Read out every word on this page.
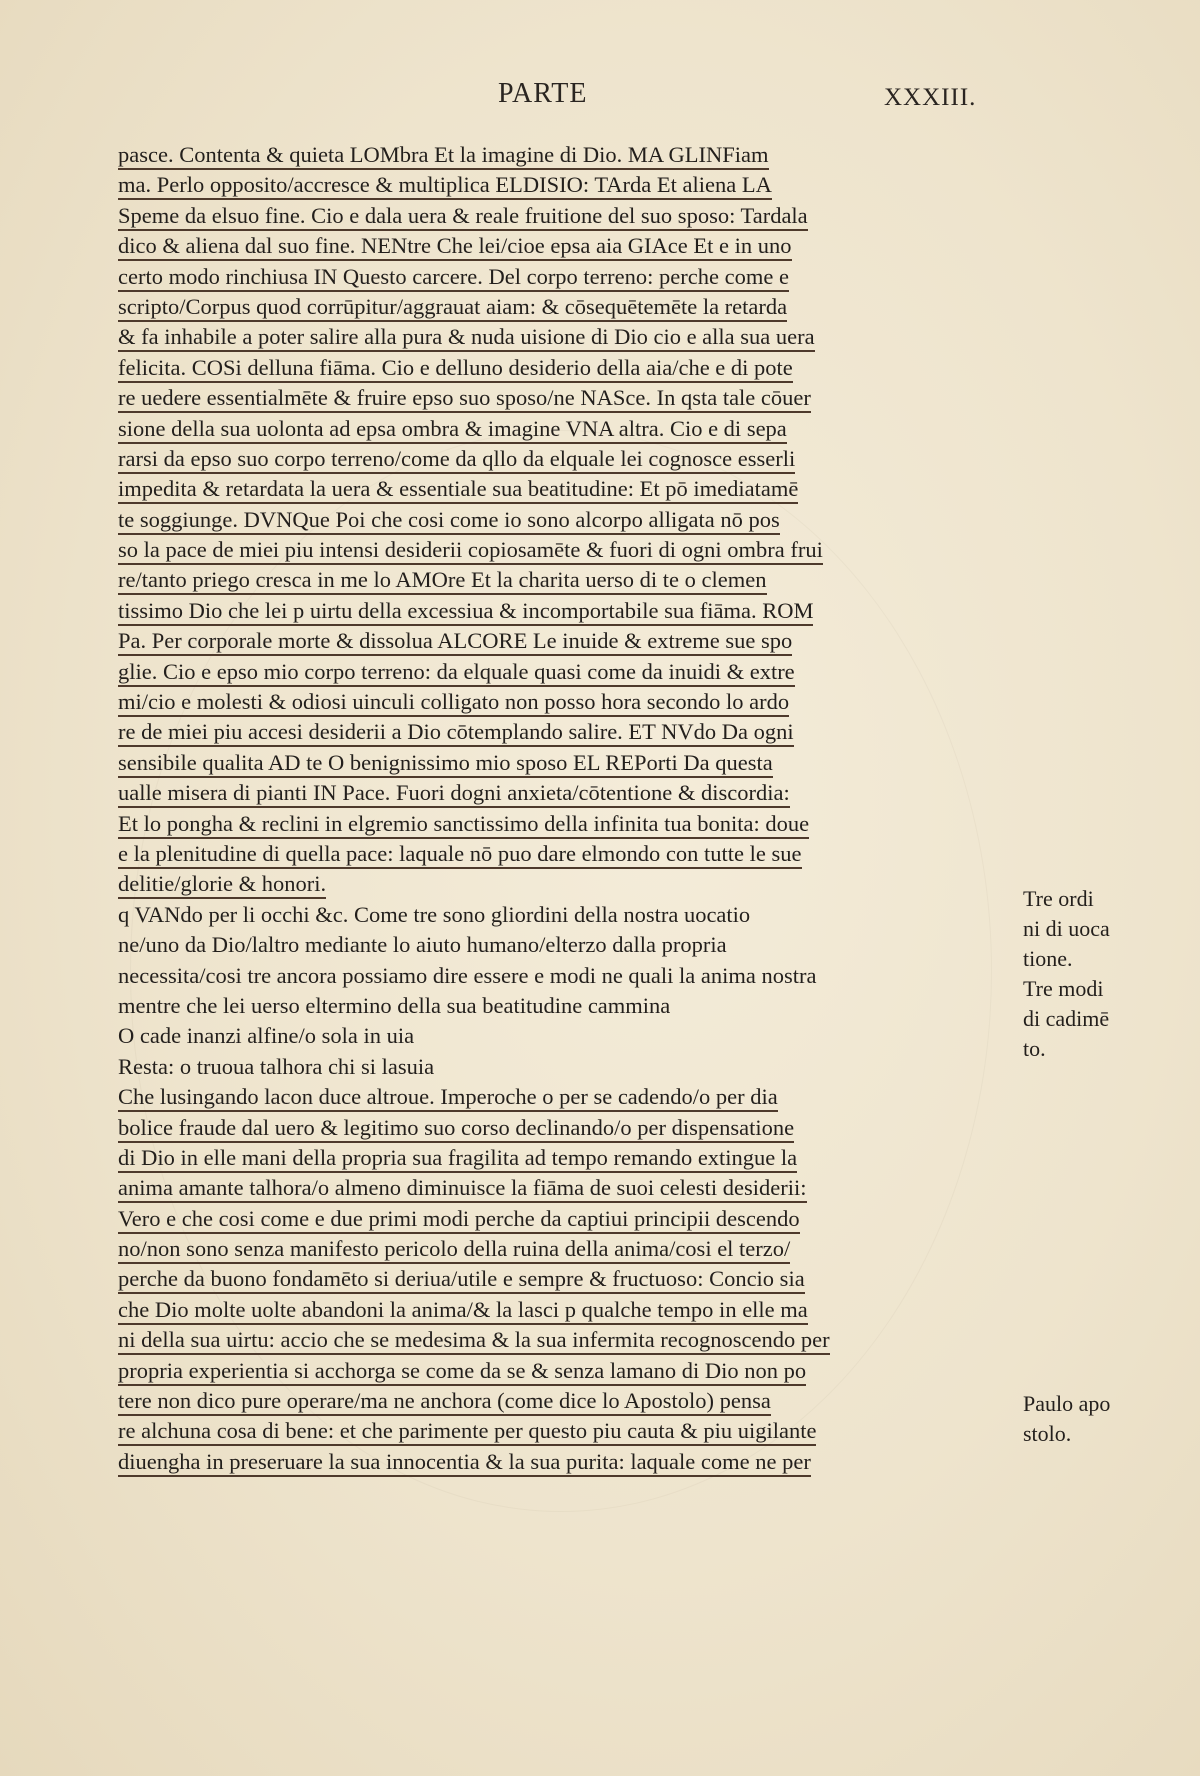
PARTE	XXXIII.
pasce. Contenta & quieta LOMbra Et la imagine di Dio. MA GLINFiam
ma. Perlo opposito/accresce & multiplica ELDISIO: TArda Et aliena LA
Speme da elsuo fine. Cio e dala uera & reale fruitione del suo sposo: Tardala
dico & aliena dal suo fine. NENtre Che lei/cioe epsa aia GIAce Et e in uno
certo modo rinchiusa IN Questo carcere. Del corpo terreno: perche come e
scripto/Corpus quod corrūpitur/aggrauat aiam: & cōsequētemēte la retarda
& fa inhabile a poter salire alla pura & nuda uisione di Dio cio e alla sua uera
felicita. COSi delluna fiāma. Cio e delluno desiderio della aia/che e di pote
re uedere essentialmēte & fruire epso suo sposo/ne NASce. In qsta tale cōuer
sione della sua uolonta ad epsa ombra & imagine VNA altra. Cio e di sepa
rarsi da epso suo corpo terreno/come da qllo da elquale lei cognosce esserli
impedita & retardata la uera & essentiale sua beatitudine: Et pō imediatamē
te soggiunge. DVNQue Poi che cosi come io sono alcorpo alligata nō pos
so la pace de miei piu intensi desiderii copiosamēte & fuori di ogni ombra frui
re/tanto priego cresca in me lo AMOre Et la charita uerso di te o clemen
tissimo Dio che lei p uirtu della excessiua & incomportabile sua fiāma. ROM
Pa. Per corporale morte & dissolua ALCORE Le inuide & extreme sue spo
glie. Cio e epso mio corpo terreno: da elquale quasi come da inuidi & extre
mi/cio e molesti & odiosi uinculi colligato non posso hora secondo lo ardo
re de miei piu accesi desiderii a Dio cōtemplando salire. ET NVdo Da ogni
sensibile qualita AD te O benignissimo mio sposo EL REPorti Da questa
ualle misera di pianti IN Pace. Fuori dogni anxieta/cōtentione & discordia:
Et lo pongha & reclini in elgremio sanctissimo della infinita tua bonita: doue
e la plenitudine di quella pace: laquale nō puo dare elmondo con tutte le sue
delitie/glorie & honori.
q VANdo per li occhi &c. Come tre sono gliordini della nostra uocatio
ne/uno da Dio/laltro mediante lo aiuto humano/elterzo dalla propria
necessita/cosi tre ancora possiamo dire essere e modi ne quali la anima nostra
mentre che lei uerso eltermino della sua beatitudine cammina
O cade inanzi alfine/o sola in uia
Resta: o truoua talhora chi si lasuia
Che lusingando lacon duce altroue. Imperoche o per se cadendo/o per dia
bolice fraude dal uero & legitimo suo corso declinando/o per dispensatione
di Dio in elle mani della propria sua fragilita ad tempo remando extingue la
anima amante talhora/o almeno diminuisce la fiāma de suoi celesti desiderii:
Vero e che cosi come e due primi modi perche da captiui principii descendo
no/non sono senza manifesto pericolo della ruina della anima/cosi el terzo/
perche da buono fondamēto si deriua/utile e sempre & fructuoso: Concio sia
che Dio molte uolte abandoni la anima/& la lasci p qualche tempo in elle ma
ni della sua uirtu: accio che se medesima & la sua infermita recognoscendo per
propria experientia si acchorga se come da se & senza lamano di Dio non po
tere non dico pure operare/ma ne anchora (come dice lo Apostolo) pensa
re alchuna cosa di bene: et che parimente per questo piu cauta & piu uigilante
diuengha in preseruare la sua innocentia & la sua purita: laquale come ne per
Tre ordi
ni di uoca
tione.
Tre modi
di cadimē
to.
Paulo apo
stolo.
